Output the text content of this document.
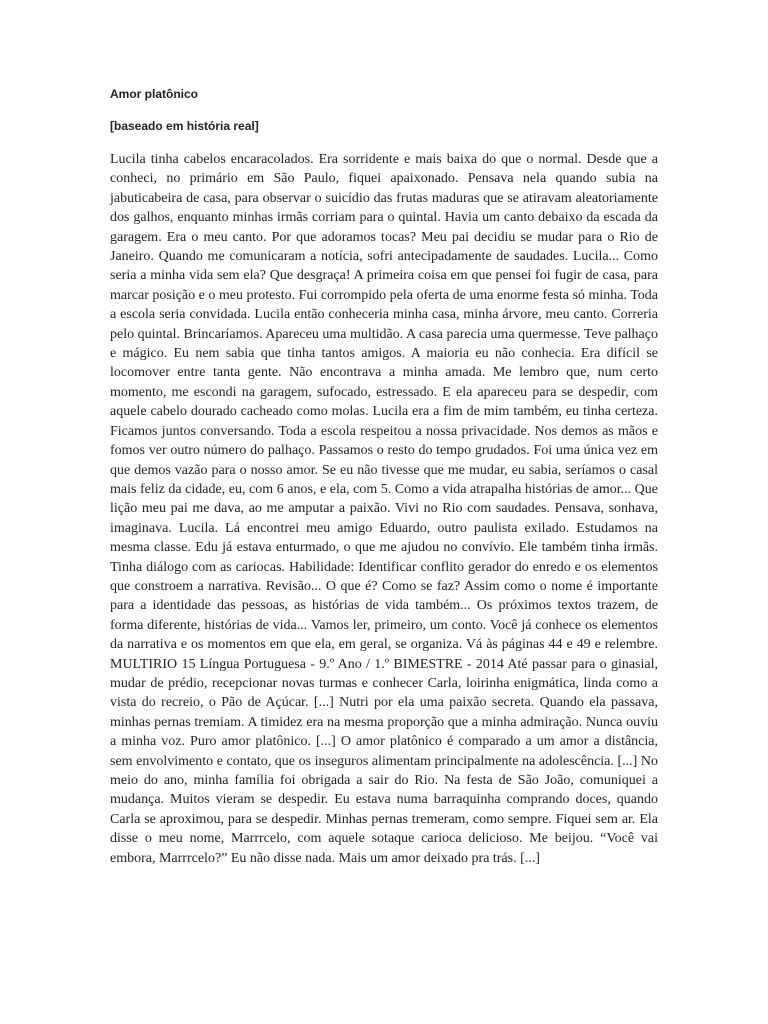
Amor platônico
[baseado em história real]

Lucila tinha cabelos encaracolados. Era sorridente e mais baixa do que o normal. Desde que a conheci, no primário em São Paulo, fiquei apaixonado. Pensava nela quando subia na jabuticabeira de casa, para observar o suicídio das frutas maduras que se atiravam aleatoriamente dos galhos, enquanto minhas irmãs corriam para o quintal. Havia um canto debaixo da escada da garagem. Era o meu canto. Por que adoramos tocas? Meu pai decidiu se mudar para o Rio de Janeiro. Quando me comunicaram a notícia, sofri antecipadamente de saudades. Lucila... Como seria a minha vida sem ela? Que desgraça! A primeira coisa em que pensei foi fugir de casa, para marcar posição e o meu protesto. Fui corrompido pela oferta de uma enorme festa só minha. Toda a escola seria convidada. Lucila então conheceria minha casa, minha árvore, meu canto. Correria pelo quintal. Brincaríamos. Apareceu uma multidão. A casa parecia uma quermesse. Teve palhaço e mágico. Eu nem sabia que tinha tantos amigos. A maioria eu não conhecia. Era difícil se locomover entre tanta gente. Não encontrava a minha amada. Me lembro que, num certo momento, me escondi na garagem, sufocado, estressado. E ela apareceu para se despedir, com aquele cabelo dourado cacheado como molas. Lucila era a fim de mim também, eu tinha certeza. Ficamos juntos conversando. Toda a escola respeitou a nossa privacidade. Nos demos as mãos e fomos ver outro número do palhaço. Passamos o resto do tempo grudados. Foi uma única vez em que demos vazão para o nosso amor. Se eu não tivesse que me mudar, eu sabia, seríamos o casal mais feliz da cidade, eu, com 6 anos, e ela, com 5. Como a vida atrapalha histórias de amor... Que lição meu pai me dava, ao me amputar a paixão. Vivi no Rio com saudades. Pensava, sonhava, imaginava. Lucila. Lá encontrei meu amigo Eduardo, outro paulista exilado. Estudamos na mesma classe. Edu já estava enturmado, o que me ajudou no convívio. Ele também tinha irmãs. Tinha diálogo com as cariocas. Habilidade: Identificar conflito gerador do enredo e os elementos que constroem a narrativa. Revisão... O que é? Como se faz? Assim como o nome é importante para a identidade das pessoas, as histórias de vida também... Os próximos textos trazem, de forma diferente, histórias de vida... Vamos ler, primeiro, um conto. Você já conhece os elementos da narrativa e os momentos em que ela, em geral, se organiza. Vá às páginas 44 e 49 e relembre. MULTIRIO 15 Língua Portuguesa - 9.º Ano / 1.º BIMESTRE - 2014 Até passar para o ginasial, mudar de prédio, recepcionar novas turmas e conhecer Carla, loirinha enigmática, linda como a vista do recreio, o Pão de Açúcar. [...] Nutri por ela uma paixão secreta. Quando ela passava, minhas pernas tremiam. A timidez era na mesma proporção que a minha admiração. Nunca ouviu a minha voz. Puro amor platônico. [...] O amor platônico é comparado a um amor a distância, sem envolvimento e contato, que os inseguros alimentam principalmente na adolescência. [...] No meio do ano, minha família foi obrigada a sair do Rio. Na festa de São João, comuniquei a mudança. Muitos vieram se despedir. Eu estava numa barraquinha comprando doces, quando Carla se aproximou, para se despedir. Minhas pernas tremeram, como sempre. Fiquei sem ar. Ela disse o meu nome, Marrrcelo, com aquele sotaque carioca delicioso. Me beijou. “Você vai embora, Marrrcelo?” Eu não disse nada. Mais um amor deixado pra trás. [...]
